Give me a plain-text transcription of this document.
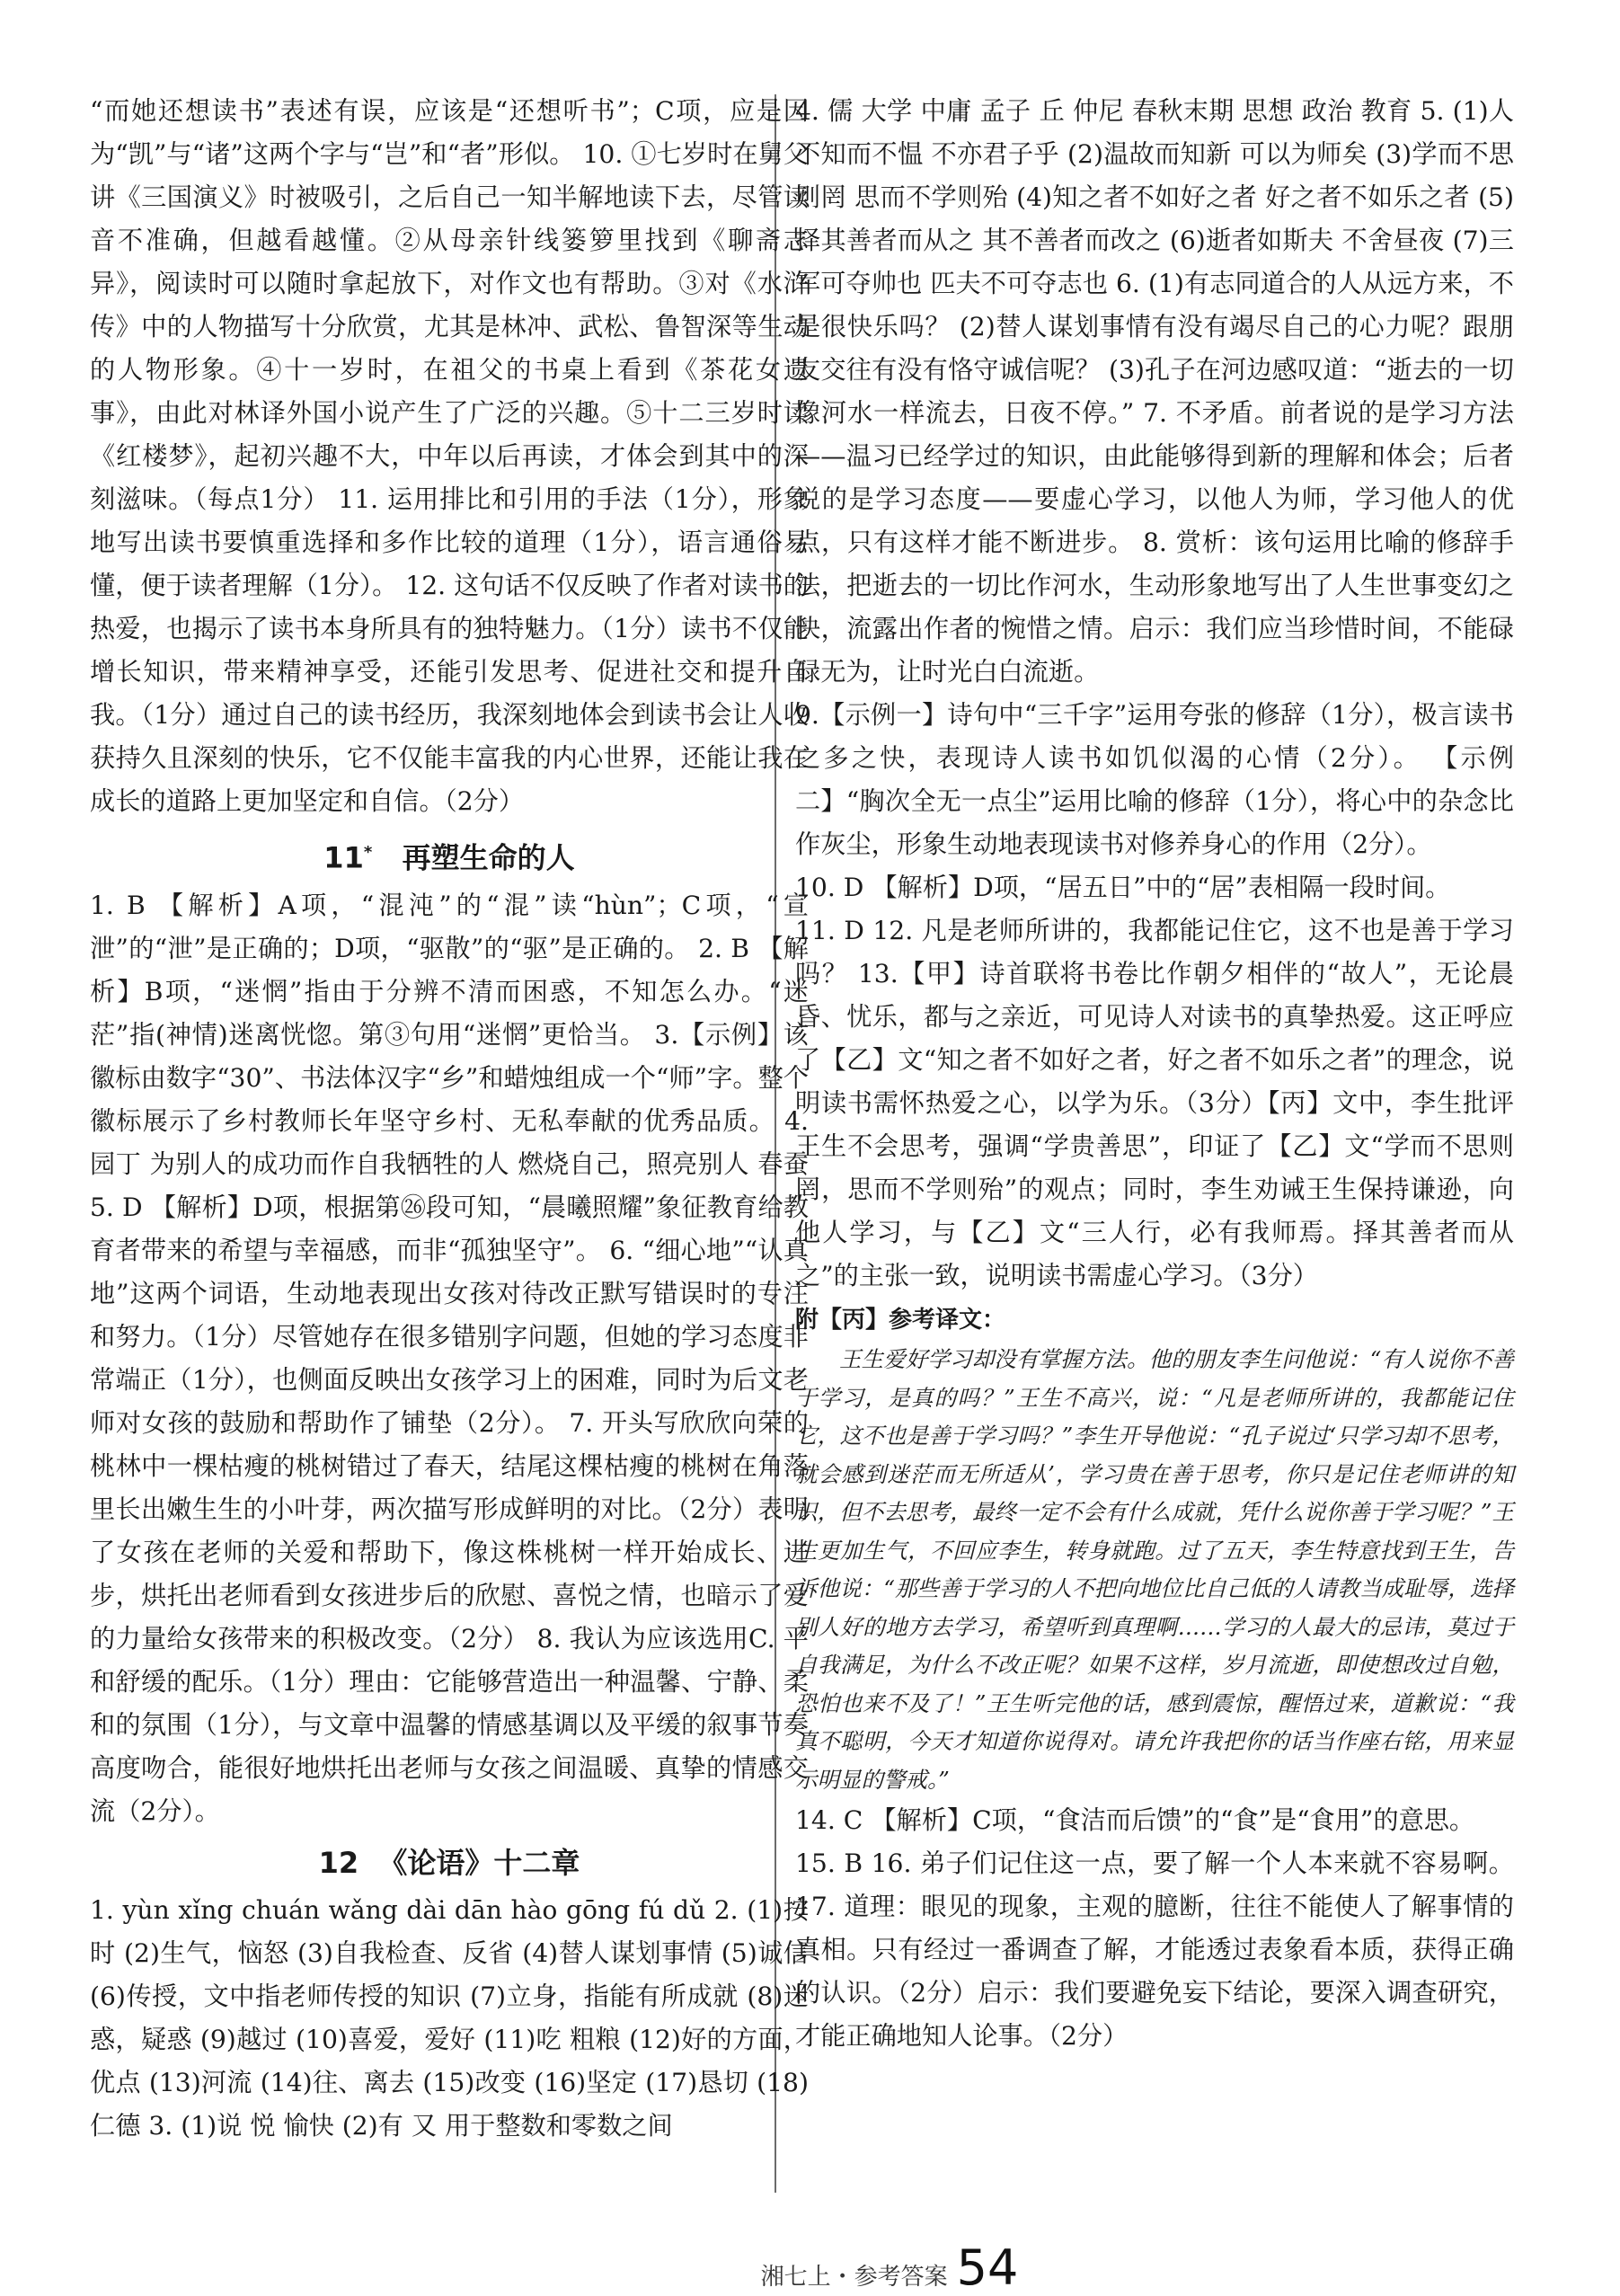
“而她还想读书”表述有误，应该是“还想听书”；C项，应是因为“凯”与“诸”这两个字与“岂”和“者”形似。 10. ①七岁时在舅父讲《三国演义》时被吸引，之后自己一知半解地读下去，尽管读音不准确，但越看越懂。②从母亲针线篓箩里找到《聊斋志异》，阅读时可以随时拿起放下，对作文也有帮助。③对《水浒传》中的人物描写十分欣赏，尤其是林冲、武松、鲁智深等生动的人物形象。④十一岁时，在祖父的书桌上看到《茶花女遗事》，由此对林译外国小说产生了广泛的兴趣。⑤十二三岁时读《红楼梦》，起初兴趣不大，中年以后再读，才体会到其中的深刻滋味。（每点1分） 11. 运用排比和引用的手法（1分），形象地写出读书要慎重选择和多作比较的道理（1分），语言通俗易懂，便于读者理解（1分）。 12. 这句话不仅反映了作者对读书的热爱，也揭示了读书本身所具有的独特魅力。（1分）读书不仅能增长知识，带来精神享受，还能引发思考、促进社交和提升自我。（1分）通过自己的读书经历，我深刻地体会到读书会让人收获持久且深刻的快乐，它不仅能丰富我的内心世界，还能让我在成长的道路上更加坚定和自信。（2分）

11* 再塑生命的人

1. B 【解析】A项，“混沌”的“混”读“hùn”；C项，“宣泄”的“泄”是正确的；D项，“驱散”的“驱”是正确的。 2. B 【解析】B项，“迷惘”指由于分辨不清而困惑，不知怎么办。“迷茫”指(神情)迷离恍惚。第③句用“迷惘”更恰当。 3.【示例】该徽标由数字“30”、书法体汉字“乡”和蜡烛组成一个“师”字。整个徽标展示了乡村教师长年坚守乡村、无私奉献的优秀品质。 4. 园丁 为别人的成功而作自我牺牲的人 燃烧自己，照亮别人 春蚕 5. D 【解析】D项，根据第㉖段可知，“晨曦照耀”象征教育给教育者带来的希望与幸福感，而非“孤独坚守”。 6. “细心地”“认真地”这两个词语，生动地表现出女孩对待改正默写错误时的专注和努力。（1分）尽管她存在很多错别字问题，但她的学习态度非常端正（1分），也侧面反映出女孩学习上的困难，同时为后文老师对女孩的鼓励和帮助作了铺垫（2分）。 7. 开头写欣欣向荣的桃林中一棵枯瘦的桃树错过了春天，结尾这棵枯瘦的桃树在角落里长出嫩生生的小叶芽，两次描写形成鲜明的对比。（2分）表明了女孩在老师的关爱和帮助下，像这株桃树一样开始成长、进步，烘托出老师看到女孩进步后的欣慰、喜悦之情，也暗示了爱的力量给女孩带来的积极改变。（2分） 8. 我认为应该选用C. 平和舒缓的配乐。（1分）理由：它能够营造出一种温馨、宁静、柔和的氛围（1分），与文章中温馨的情感基调以及平缓的叙事节奏高度吻合，能很好地烘托出老师与女孩之间温暖、真挚的情感交流（2分）。

12 《论语》十二章

1. yùn xǐng chuán wǎng dài dān hào gōng fú dǔ 2. (1)按时 (2)生气，恼怒 (3)自我检查、反省 (4)替人谋划事情 (5)诚信 (6)传授，文中指老师传授的知识 (7)立身，指能有所成就 (8)迷惑，疑惑 (9)越过 (10)喜爱，爱好 (11)吃 粗粮 (12)好的方面，优点 (13)河流 (14)往、离去 (15)改变 (16)坚定 (17)恳切 (18)仁德 3. (1)说 悦 愉快 (2)有 又 用于整数和零数之间

4. 儒 大学 中庸 孟子 丘 仲尼 春秋末期 思想 政治 教育 5. (1)人不知而不愠 不亦君子乎 (2)温故而知新 可以为师矣 (3)学而不思则罔 思而不学则殆 (4)知之者不如好之者 好之者不如乐之者 (5)择其善者而从之 其不善者而改之 (6)逝者如斯夫 不舍昼夜 (7)三军可夺帅也 匹夫不可夺志也 6. (1)有志同道合的人从远方来，不是很快乐吗？ (2)替人谋划事情有没有竭尽自己的心力呢？跟朋友交往有没有恪守诚信呢？ (3)孔子在河边感叹道：“逝去的一切像河水一样流去，日夜不停。” 7. 不矛盾。前者说的是学习方法——温习已经学过的知识，由此能够得到新的理解和体会；后者说的是学习态度——要虚心学习，以他人为师，学习他人的优点，只有这样才能不断进步。 8. 赏析：该句运用比喻的修辞手法，把逝去的一切比作河水，生动形象地写出了人生世事变幻之快，流露出作者的惋惜之情。启示：我们应当珍惜时间，不能碌碌无为，让时光白白流逝。

9.【示例一】诗句中“三千字”运用夸张的修辞（1分），极言读书之多之快，表现诗人读书如饥似渴的心情（2分）。 【示例二】“胸次全无一点尘”运用比喻的修辞（1分），将心中的杂念比作灰尘，形象生动地表现读书对修养身心的作用（2分）。

10. D 【解析】D项，“居五日”中的“居”表相隔一段时间。

11. D 12. 凡是老师所讲的，我都能记住它，这不也是善于学习吗？ 13.【甲】诗首联将书卷比作朝夕相伴的“故人”，无论晨昏、忧乐，都与之亲近，可见诗人对读书的真挚热爱。这正呼应了【乙】文“知之者不如好之者，好之者不如乐之者”的理念，说明读书需怀热爱之心，以学为乐。（3分）【丙】文中，李生批评王生不会思考，强调“学贵善思”，印证了【乙】文“学而不思则罔，思而不学则殆”的观点；同时，李生劝诫王生保持谦逊，向他人学习，与【乙】文“三人行，必有我师焉。择其善者而从之”的主张一致，说明读书需虚心学习。（3分）

附【丙】参考译文：

王生爱好学习却没有掌握方法。他的朋友李生问他说：“有人说你不善于学习，是真的吗？”王生不高兴，说：“凡是老师所讲的，我都能记住它，这不也是善于学习吗？”李生开导他说：“孔子说过‘只学习却不思考，就会感到迷茫而无所适从’，学习贵在善于思考，你只是记住老师讲的知识，但不去思考，最终一定不会有什么成就，凭什么说你善于学习呢？”王生更加生气，不回应李生，转身就跑。过了五天，李生特意找到王生，告诉他说：“那些善于学习的人不把向地位比自己低的人请教当成耻辱，选择别人好的地方去学习，希望听到真理啊……学习的人最大的忌讳，莫过于自我满足，为什么不改正呢？如果不这样，岁月流逝，即使想改过自勉，恐怕也来不及了！”王生听完他的话，感到震惊，醒悟过来，道歉说：“我真不聪明，今天才知道你说得对。请允许我把你的话当作座右铭，用来显示明显的警戒。”

14. C 【解析】C项，“食洁而后馈”的“食”是“食用”的意思。

15. B 16. 弟子们记住这一点，要了解一个人本来就不容易啊。 17. 道理：眼见的现象，主观的臆断，往往不能使人了解事情的真相。只有经过一番调查了解，才能透过表象看本质，获得正确的认识。（2分）启示：我们要避免妄下结论，要深入调查研究，才能正确地知人论事。（2分）

湘七上・参考答案 54
